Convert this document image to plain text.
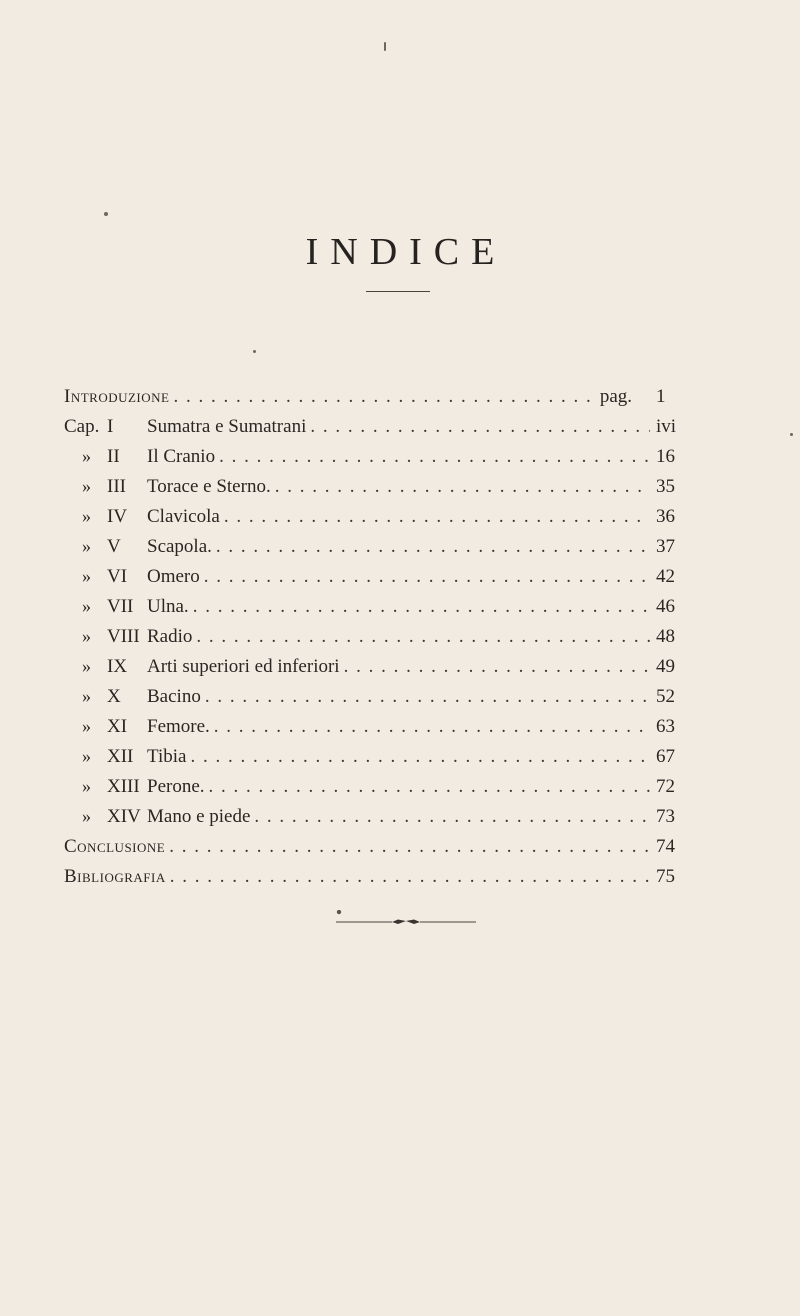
INDICE
Introduzione . . .	pag. 1
Cap. I	Sumatra e Sumatrani . . .	ivi
» II	Il Cranio . . .	16
» III	Torace e Sterno. . . .	35
» IV	Clavicola . . .	36
» V	Scapola. . . .	37
» VI	Omero . . .	42
» VII Ulna. . . .	46
» VIII Radio . . .	48
» IX	Arti superiori ed inferiori . . .	49
» X	Bacino . . .	52
» XI	Femore. . . .	63
» XII Tibia . . .	67
» XIII Perone. . . .	72
» XIV Mano e piede . . .	73
Conclusione . . .	74
Bibliografia . . .	75
